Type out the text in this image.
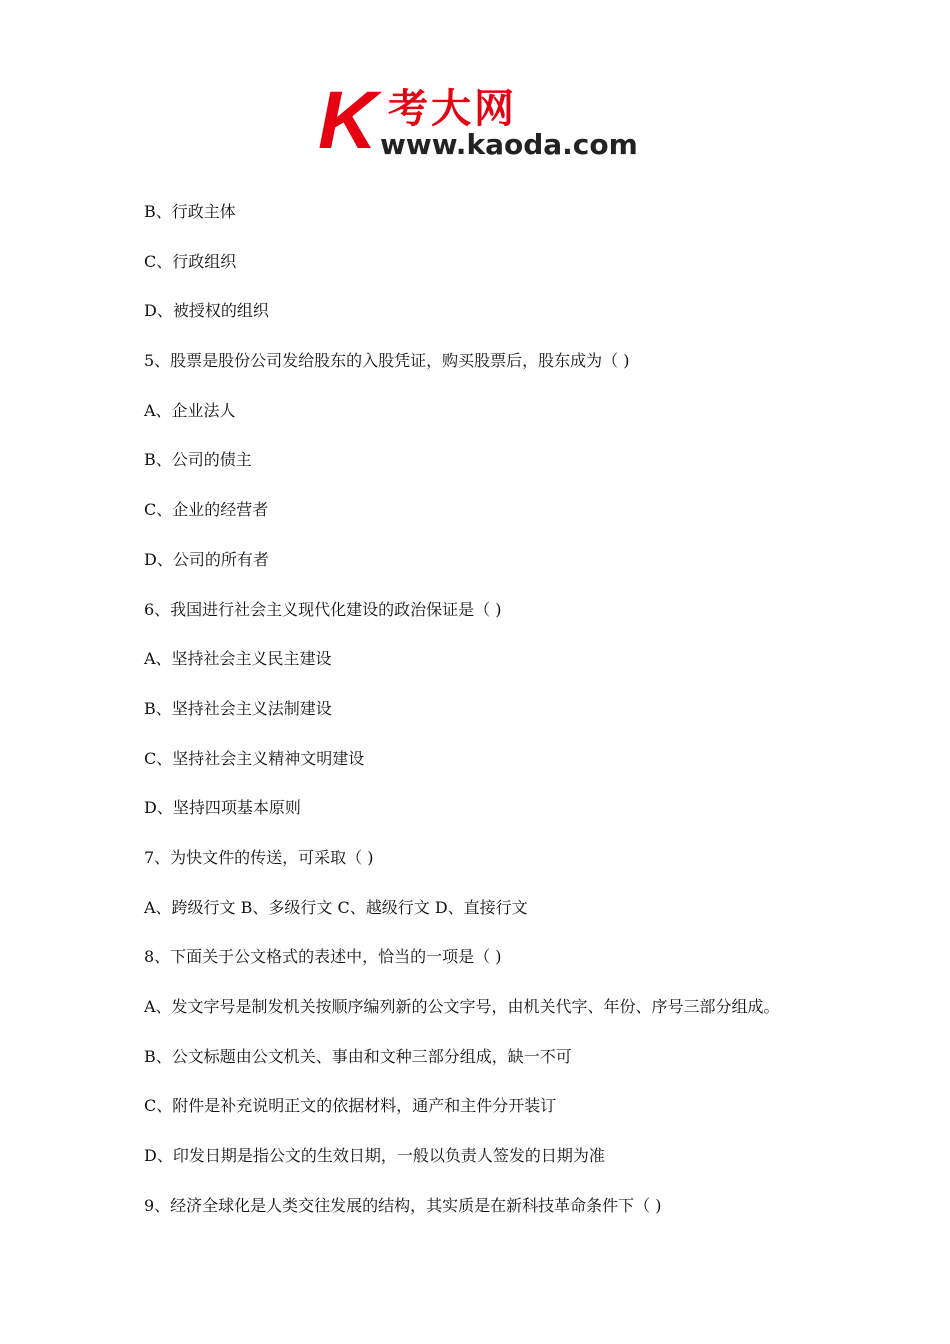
K 考大网
www.kaoda.com
B、行政主体
C、行政组织
D、被授权的组织
5、股票是股份公司发给股东的入股凭证，购买股票后，股东成为（ )
A、企业法人
B、公司的债主
C、企业的经营者
D、公司的所有者
6、我国进行社会主义现代化建设的政治保证是（ )
A、坚持社会主义民主建设
B、坚持社会主义法制建设
C、坚持社会主义精神文明建设
D、坚持四项基本原则
7、为快文件的传送，可采取（ )
A、跨级行文 B、多级行文 C、越级行文 D、直接行文
8、下面关于公文格式的表述中，恰当的一项是（ )
A、发文字号是制发机关按顺序编列新的公文字号，由机关代字、年份、序号三部分组成。
B、公文标题由公文机关、事由和文种三部分组成，缺一不可
C、附件是补充说明正文的依据材料，通产和主件分开装订
D、印发日期是指公文的生效日期，一般以负责人签发的日期为准
9、经济全球化是人类交往发展的结构，其实质是在新科技革命条件下（ )
